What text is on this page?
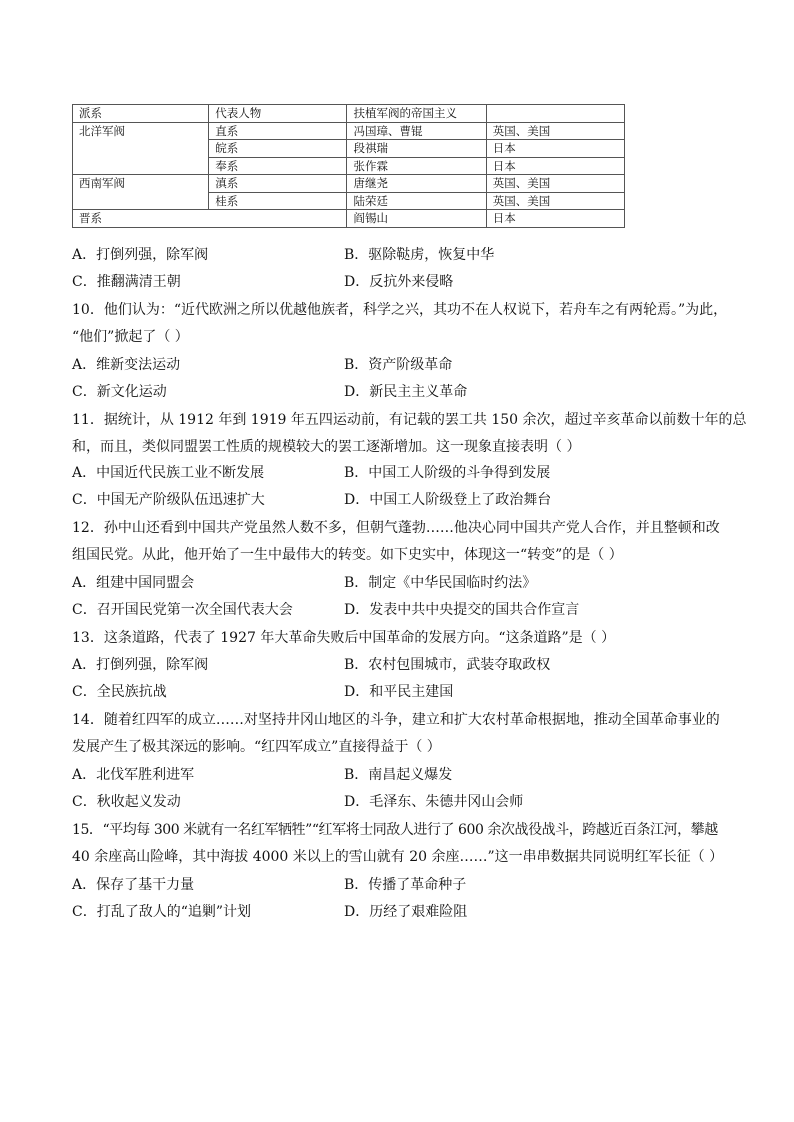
派系	代表人物	扶植军阀的帝国主义	
北洋军阀	直系	冯国璋、曹锟	英国、美国
	皖系	段祺瑞	日本
	奉系	张作霖	日本
西南军阀	滇系	唐继尧	英国、美国
	桂系	陆荣廷	英国、美国
晋系		阎锡山	日本
A．打倒列强，除军阀	B．驱除鞑虏，恢复中华
C．推翻满清王朝	D．反抗外来侵略
10．他们认为：“近代欧洲之所以优越他族者，科学之兴，其功不在人权说下，若舟车之有两轮焉。”为此，
“他们”掀起了（ ）
A．维新变法运动	B．资产阶级革命
C．新文化运动	D．新民主主义革命
11．据统计，从 1912 年到 1919 年五四运动前，有记载的罢工共 150 余次，超过辛亥革命以前数十年的总
和，而且，类似同盟罢工性质的规模较大的罢工逐渐增加。这一现象直接表明（ ）
A．中国近代民族工业不断发展	B．中国工人阶级的斗争得到发展
C．中国无产阶级队伍迅速扩大	D．中国工人阶级登上了政治舞台
12．孙中山还看到中国共产党虽然人数不多，但朝气蓬勃……他决心同中国共产党人合作，并且整顿和改
组国民党。从此，他开始了一生中最伟大的转变。如下史实中，体现这一“转变”的是（ ）
A．组建中国同盟会	B．制定《中华民国临时约法》
C．召开国民党第一次全国代表大会	D．发表中共中央提交的国共合作宣言
13．这条道路，代表了 1927 年大革命失败后中国革命的发展方向。“这条道路”是（ ）
A．打倒列强，除军阀	B．农村包围城市，武装夺取政权
C．全民族抗战	D．和平民主建国
14．随着红四军的成立……对坚持井冈山地区的斗争，建立和扩大农村革命根据地，推动全国革命事业的
发展产生了极其深远的影响。“红四军成立”直接得益于（ ）
A．北伐军胜利进军	B．南昌起义爆发
C．秋收起义发动	D．毛泽东、朱德井冈山会师
15．“平均每 300 米就有一名红军牺牲”“红军将士同敌人进行了 600 余次战役战斗，跨越近百条江河，攀越
40 余座高山险峰，其中海拔 4000 米以上的雪山就有 20 余座……”这一串串数据共同说明红军长征（ ）
A．保存了基干力量	B．传播了革命种子
C．打乱了敌人的“追剿”计划	D．历经了艰难险阻
